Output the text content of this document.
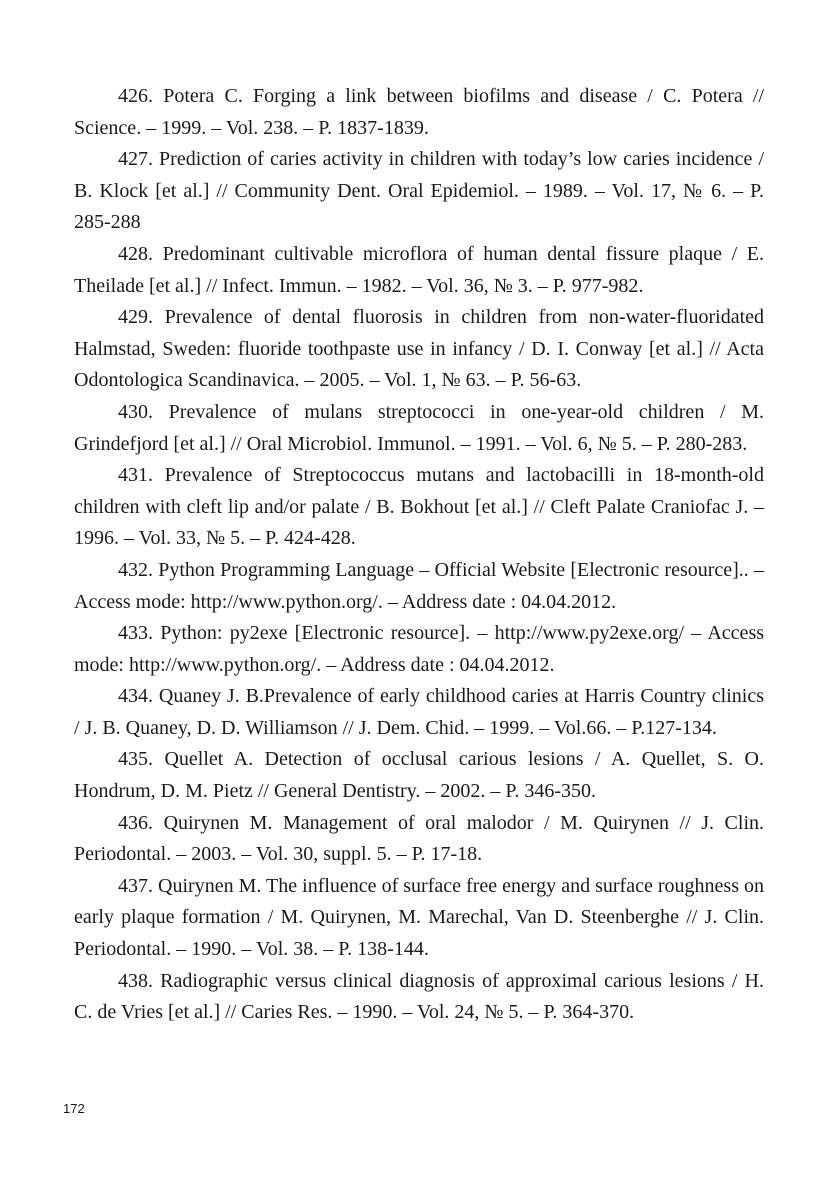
426. Potera C. Forging a link between biofilms and disease / C. Potera // Science. – 1999. – Vol. 238. – P. 1837-1839.

427. Prediction of caries activity in children with today’s low caries incidence / B. Klock [et al.] // Community Dent. Oral Epidemiol. – 1989. – Vol. 17, № 6. – P. 285-288

428. Predominant cultivable microflora of human dental fissure plaque / E. Theilade [et al.] // Infect. Immun. – 1982. – Vol. 36, № 3. – P. 977-982.

429. Prevalence of dental fluorosis in children from non-water-fluoridated Halmstad, Sweden: fluoride toothpaste use in infancy / D. I. Conway [et al.] // Acta Odontologica Scandinavica. – 2005. – Vol. 1, № 63. – P. 56-63.

430. Prevalence of mulans streptococci in one-year-old children / M. Grindefjord [et al.] // Oral Microbiol. Immunol. – 1991. – Vol. 6, № 5. – P. 280-283.

431. Prevalence of Streptococcus mutans and lactobacilli in 18-month-old children with cleft lip and/or palate / B. Bokhout [et al.] // Cleft Palate Craniofac J. – 1996. – Vol. 33, № 5. – P. 424-428.

432. Python Programming Language – Official Website [Electronic resource].. – Access mode: http://www.python.org/. – Address date : 04.04.2012.

433. Python: py2exe [Electronic resource]. – http://www.py2exe.org/ – Access mode: http://www.python.org/. – Address date : 04.04.2012.

434. Quaney J. B.Prevalence of early childhood caries at Harris Country clinics / J. B. Quaney, D. D. Williamson // J. Dem. Chid. – 1999. – Vol.66. – P.127-134.

435. Quellet A. Detection of occlusal carious lesions / A. Quellet, S. O. Hondrum, D. M. Pietz // General Dentistry. – 2002. – P. 346-350.

436. Quirynen M. Management of oral malodor / M. Quirynen // J. Clin. Periodontal. – 2003. – Vol. 30, suppl. 5. – P. 17-18.

437. Quirynen M. The influence of surface free energy and surface roughness on early plaque formation / M. Quirynen, M. Marechal, Van D. Steenberghe // J. Clin. Periodontal. – 1990. – Vol. 38. – P. 138-144.

438. Radiographic versus clinical diagnosis of approximal carious lesions / H. C. de Vries [et al.] // Caries Res. – 1990. – Vol. 24, № 5. – P. 364-370.

172
